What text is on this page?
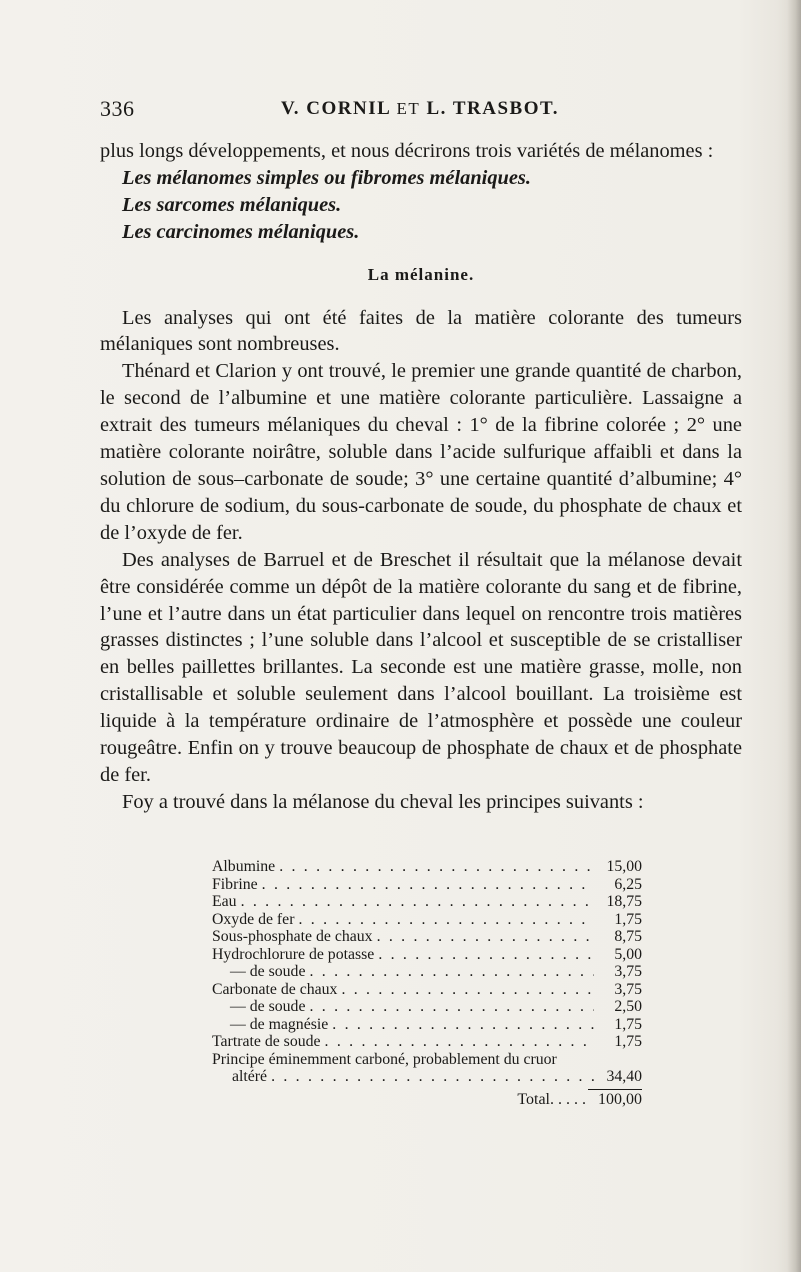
336	V. CORNIL ET L. TRASBOT.

plus longs développements, et nous décrirons trois variétés de mélanomes :

Les mélanomes simples ou fibromes mélaniques.

Les sarcomes mélaniques.

Les carcinomes mélaniques.

La mélanine.

Les analyses qui ont été faites de la matière colorante des tumeurs mélaniques sont nombreuses.

Thénard et Clarion y ont trouvé, le premier une grande quantité de charbon, le second de l’albumine et une matière colorante particulière. Lassaigne a extrait des tumeurs mélaniques du cheval : 1° de la fibrine colorée ; 2° une matière colorante noirâtre, soluble dans l’acide sulfurique affaibli et dans la solution de sous–carbonate de soude; 3° une certaine quantité d’albumine; 4° du chlorure de sodium, du sous-carbonate de soude, du phosphate de chaux et de l’oxyde de fer.

Des analyses de Barruel et de Breschet il résultait que la mélanose devait être considérée comme un dépôt de la matière colorante du sang et de fibrine, l’une et l’autre dans un état particulier dans lequel on rencontre trois matières grasses distinctes ; l’une soluble dans l’alcool et susceptible de se cristalliser en belles paillettes brillantes. La seconde est une matière grasse, molle, non cristallisable et soluble seulement dans l’alcool bouillant. La troisième est liquide à la température ordinaire de l’atmosphère et possède une couleur rougeâtre. Enfin on y trouve beaucoup de phosphate de chaux et de phosphate de fer.

Foy a trouvé dans la mélanose du cheval les principes suivants :

Albumine . . .	15,00
Fibrine . . .	6,25
Eau . . .	18,75
Oxyde de fer . . .	1,75
Sous-phosphate de chaux . . .	8,75
Hydrochlorure de potasse . . .	5,00
— de soude . . .	3,75
Carbonate de chaux . . .	3,75
— de soude . . .	2,50
— de magnésie . . .	1,75
Tartrate de soude . . .	1,75
Principe éminemment carboné, probablement du cruor
altéré . . .	34,40
Total. . . . . 100,00
